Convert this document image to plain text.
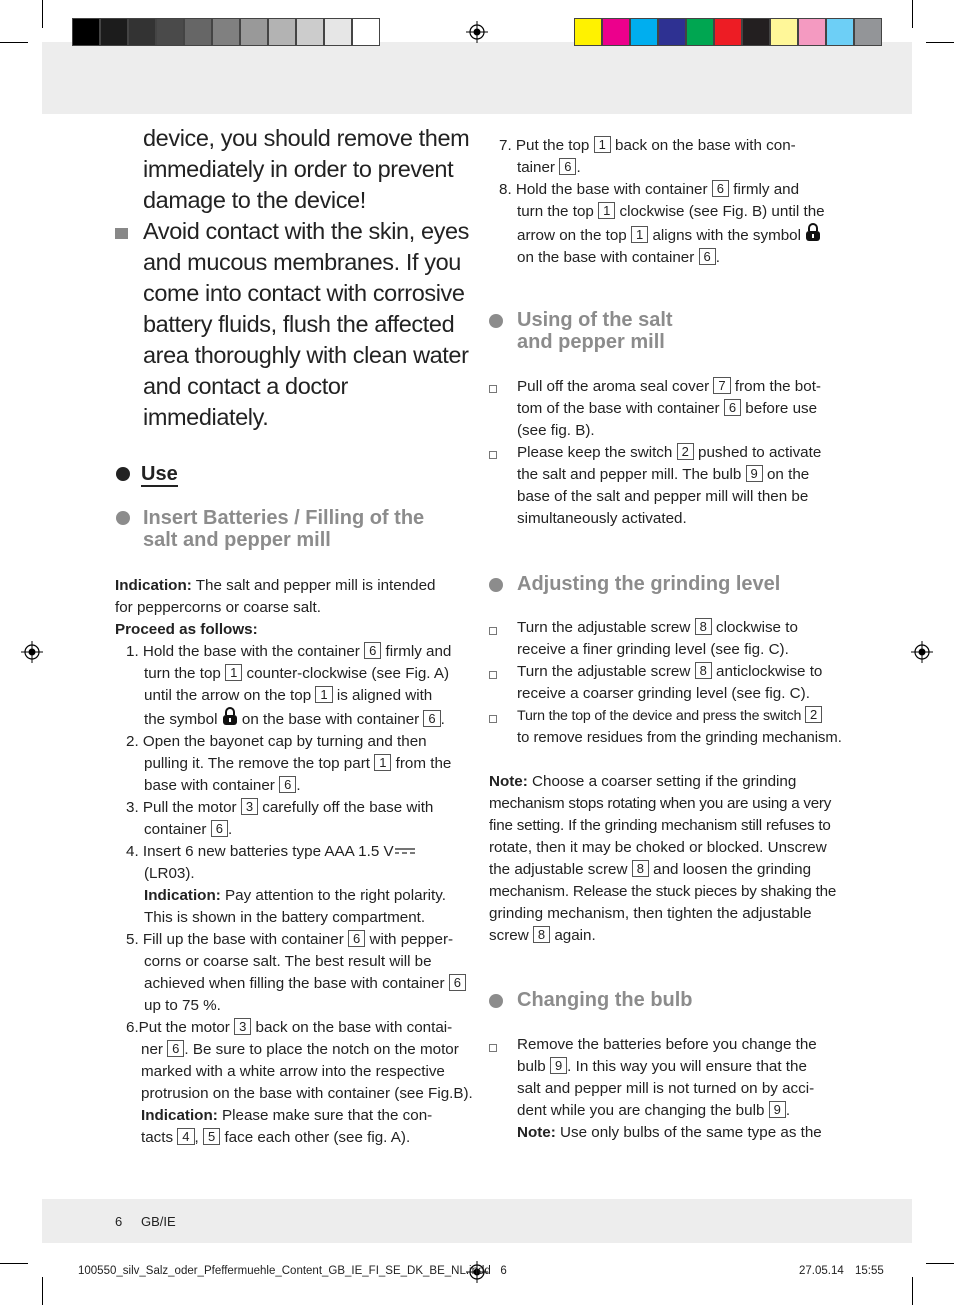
device, you should remove them

immediately in order to prevent

damage to the device!

Avoid contact with the skin, eyes

and mucous membranes. If you

come into contact with corrosive

battery fluids, flush the affected

area thoroughly with clean water

and contact a doctor immediately.

Use
Insert Batteries / Filling of the
salt and pepper mill

Indication: The salt and pepper mill is intended

for peppercorns or coarse salt.

Proceed as follows:

1. Hold the base with the container 6 firmly and

turn the top 1 counter-clockwise (see Fig. A)

until the arrow on the top 1 is aligned with

the symbol  on the base with container 6 .

2. Open the bayonet cap by turning and then

pulling it. The remove the top part 1 from the

base with container 6 .

3. Pull the motor 3 carefully off the base with

container 6 .

4. Insert 6 new batteries type AAA 1.5 V

(LR03).

Indication: Pay attention to the right polarity.

This is shown in the battery compartment.

5. Fill up the base with container 6 with pepper-

corns or coarse salt. The best result will be

achieved when filling the base with container 6

up to 75 %.

6.Put the motor 3 back on the base with contai-

ner 6 . Be sure to place the notch on the motor

marked with a white arrow into the respective

protrusion on the base with container (see Fig.B).

Indication: Please make sure that the con-

tacts 4 , 5 face each other (see fig. A).

7. Put the top 1 back on the base with con-

tainer 6 .

8. Hold the base with container 6 firmly and

turn the top 1 clockwise (see Fig. B) until the

arrow on the top 1 aligns with the symbol

on the base with container 6 .

Using of the salt
and pepper mill

Pull off the aroma seal cover 7 from the bot-

tom of the base with container 6 before use

(see fig. B).

Please keep the switch 2 pushed to activate

the salt and pepper mill. The bulb 9 on the

base of the salt and pepper mill will then be

simultaneously activated.

Adjusting the grinding level

Turn the adjustable screw 8 clockwise to

receive a finer grinding level (see fig. C).

Turn the adjustable screw 8 anticlockwise to

receive a coarser grinding level (see fig. C).

Turn the top of the device and press the switch 2

to remove residues from the grinding mechanism.

Note: Choose a coarser setting if the grinding

mechanism stops rotating when you are using a very

fine setting. If the grinding mechanism still refuses to

rotate, then it may be choked or blocked. Unscrew

the adjustable screw 8 and loosen the grinding

mechanism. Release the stuck pieces by shaking the

grinding mechanism, then tighten the adjustable

screw 8 again.

Changing the bulb

Remove the batteries before you change the

bulb 9 . In this way you will ensure that the

salt and pepper mill is not turned on by acci-

dent while you are changing the bulb 9 .

Note: Use only bulbs of the same type as the

6 GB/IE
100550_silv_Salz_oder_Pfeffermuehle_Content_GB_IE_FI_SE_DK_BE_NL.indd   6	27.05.14 15:55
